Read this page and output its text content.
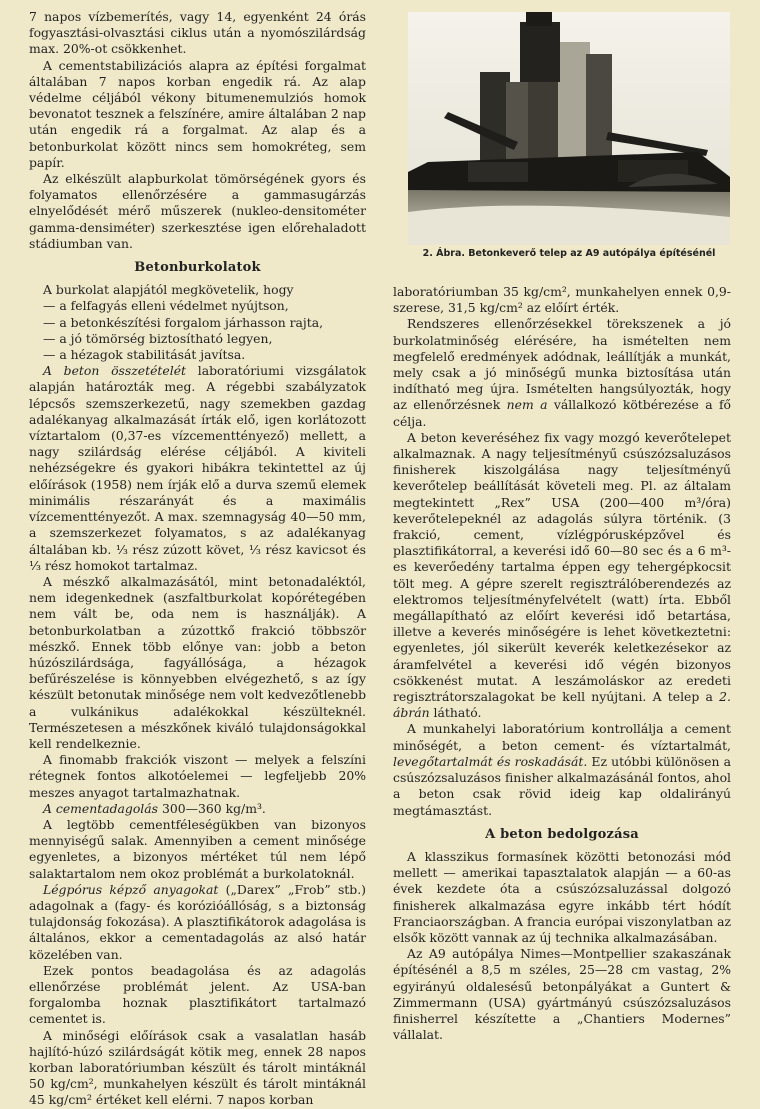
7 napos vízbemerítés, vagy 14, egyenként 24 órás fogyasztási-olvasztási ciklus után a nyomószilárdság max. 20%-ot csökkenhet.

A cementstabilizációs alapra az építési forgalmat általában 7 napos korban engedik rá. Az alap védelme céljából vékony bitumenemulziós homok bevonatot tesznek a felszínére, amire általában 2 nap után engedik rá a forgalmat. Az alap és a betonburkolat között nincs sem homokréteg, sem papír.

Az elkészült alapburkolat tömörségének gyors és folyamatos ellenőrzésére a gammasugárzás elnyelődését mérő műszerek (nukleo-densitométer gamma-densiméter) szerkesztése igen előrehaladott stádiumban van.

Betonburkolatok

A burkolat alapjától megkövetelik, hogy

— a felfagyás elleni védelmet nyújtson,

— a betonkészítési forgalom járhasson rajta,

— a jó tömörség biztosítható legyen,

— a hézagok stabilitását javítsa.

A beton összetételét laboratóriumi vizsgálatok alapján határozták meg. A régebbi szabályzatok lépcsős szemszerkezetű, nagy szemekben gazdag adalékanyag alkalmazását írták elő, igen korlátozott víztartalom (0,37-es vízcementtényező) mellett, a nagy szilárdság elérése céljából. A kiviteli nehézségekre és gyakori hibákra tekintettel az új előírások (1958) nem írják elő a durva szemű elemek minimális részarányát és a maximális vízcementtényezőt. A max. szemnagyság 40—50 mm, a szemszerkezet folyamatos, s az adalékanyag általában kb. ⅓ rész zúzott követ, ⅓ rész kavicsot és ⅓ rész homokot tartalmaz.

A mészkő alkalmazásától, mint betonadaléktól, nem idegenkednek (aszfaltburkolat kopórétegében nem vált be, oda nem is használják). A betonburkolatban a zúzottkő frakció többször mészkő. Ennek több előnye van: jobb a beton húzószilárdsága, fagyállósága, a hézagok befűrészelése is könnyebben elvégezhető, s az így készült betonutak minősége nem volt kedvezőtlenebb a vulkánikus adalékokkal készülteknél. Természetesen a mészkőnek kiváló tulajdonságokkal kell rendelkeznie.

A finomabb frakciók viszont — melyek a felszíni rétegnek fontos alkotóelemei — legfeljebb 20% meszes anyagot tartalmazhatnak.

A cementadagolás 300—360 kg/m³.

A legtöbb cementféleségükben van bizonyos mennyiségű salak. Amennyiben a cement minősége egyenletes, a bizonyos mértéket túl nem lépő salaktartalom nem okoz problémát a burkolatoknál.

Légpórus képző anyagokat („Darex” „Frob” stb.) adagolnak a (fagy- és korózióállóság, s a biztonság tulajdonság fokozása). A plasztifikátorok adagolása is általános, ekkor a cementadagolás az alsó határ közelében van.

Ezek pontos beadagolása és az adagolás ellenőrzése problémát jelent. Az USA-ban forgalomba hoznak plasztifikátort tartalmazó cementet is.

A minőségi előírások csak a vasalatlan hasáb hajlító-húzó szilárdságát kötik meg, ennek 28 napos korban laboratóriumban készült és tárolt mintáknál 50 kg/cm², munkahelyen készült és tárolt mintáknál 45 kg/cm² értéket kell elérni. 7 napos korban

2. Ábra. Betonkeverő telep az A9 autópálya építésénél

laboratóriumban 35 kg/cm², munkahelyen ennek 0,9-szerese, 31,5 kg/cm² az előírt érték.

Rendszeres ellenőrzésekkel törekszenek a jó burkolatminőség elérésére, ha ismételten nem megfelelő eredmények adódnak, leállítják a munkát, mely csak a jó minőségű munka biztosítása után indítható meg újra. Ismételten hangsúlyozták, hogy az ellenőrzésnek nem a vállalkozó kötbérezése a fő célja.

A beton keveréséhez fix vagy mozgó keverőtelepet alkalmaznak. A nagy teljesítményű csúszózsaluzásos finisherek kiszolgálása nagy teljesítményű keverőtelep beállítását követeli meg. Pl. az általam megtekintett „Rex” USA (200—400 m³/óra) keverőtelepeknél az adagolás súlyra történik. (3 frakció, cement, vízlégpórusképzővel és plasztifikátorral, a keverési idő 60—80 sec és a 6 m³-es keverőedény tartalma éppen egy tehergépkocsit tölt meg. A gépre szerelt regisztrálóberendezés az elektromos teljesítményfelvételt (watt) írta. Ebből megállapítható az előírt keverési idő betartása, illetve a keverés minőségére is lehet következtetni: egyenletes, jól sikerült keverék keletkezésekor az áramfelvétel a keverési idő végén bizonyos csökkenést mutat. A leszámoláskor az eredeti regisztrátorszalagokat be kell nyújtani. A telep a 2. ábrán látható.

A munkahelyi laboratórium kontrollálja a cement minőségét, a beton cement- és víztartalmát, levegőtartalmát és roskadását. Ez utóbbi különösen a csúszózsaluzásos finisher alkalmazásánál fontos, ahol a beton csak rövid ideig kap oldalirányú megtámasztást.

A beton bedolgozása

A klasszikus formasínek közötti betonozási mód mellett — amerikai tapasztalatok alapján — a 60-as évek kezdete óta a csúszózsaluzással dolgozó finisherek alkalmazása egyre inkább tért hódít Franciaországban. A francia európai viszonylatban az elsők között vannak az új technika alkalmazásában.

Az A9 autópálya Nimes—Montpellier szakaszának építésénél a 8,5 m széles, 25—28 cm vastag, 2% egyirányú oldalesésű betonpályákat a Guntert & Zimmermann (USA) gyártmányú csúszózsaluzásos finisherrel készítette a „Chantiers Modernes” vállalat.
